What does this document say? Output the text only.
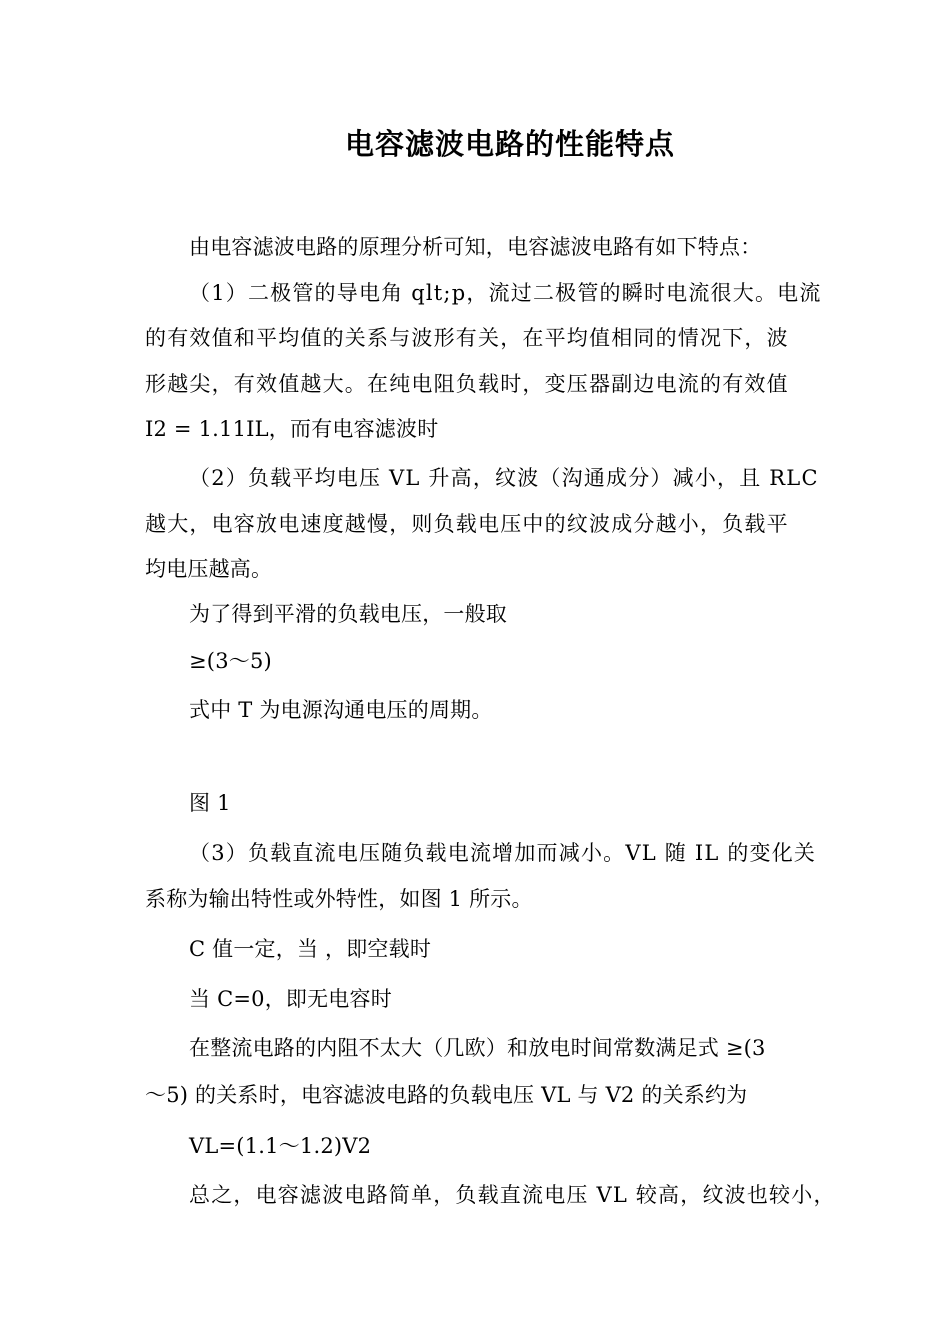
电容滤波电路的性能特点
由电容滤波电路的原理分析可知，电容滤波电路有如下特点：
（1）二极管的导电角 qlt;p，流过二极管的瞬时电流很大。电流
的有效值和平均值的关系与波形有关，在平均值相同的情况下，波
形越尖，有效值越大。在纯电阻负载时，变压器副边电流的有效值
I2 = 1.11IL，而有电容滤波时
（2）负载平均电压 VL 升高，纹波（沟通成分）减小，且 RLC
越大，电容放电速度越慢，则负载电压中的纹波成分越小，负载平
均电压越高。
为了得到平滑的负载电压，一般取
≥(3～5)
式中 T 为电源沟通电压的周期。
图 1
（3）负载直流电压随负载电流增加而减小。VL 随 IL 的变化关
系称为输出特性或外特性，如图 1 所示。
C 值一定，当 ，即空载时
当 C=0，即无电容时
在整流电路的内阻不太大（几欧）和放电时间常数满足式 ≥(3
～5) 的关系时，电容滤波电路的负载电压 VL 与 V2 的关系约为
VL=(1.1～1.2)V2
总之，电容滤波电路简单，负载直流电压 VL 较高，纹波也较小，
